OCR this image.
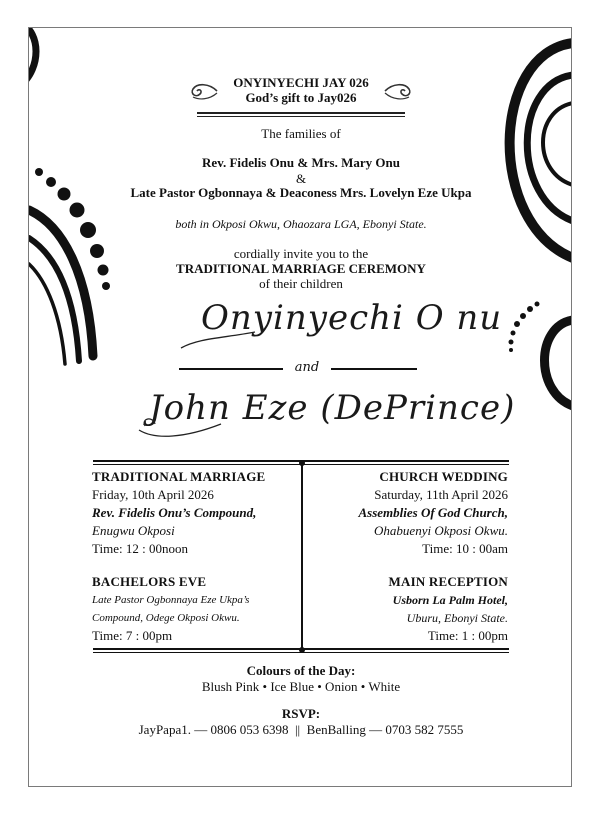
ONYINYECHI JAY 026
God’s gift to Jay026
The families of
Rev. Fidelis Onu & Mrs. Mary Onu
&
Late Pastor Ogbonnaya & Deaconess Mrs. Lovelyn Eze Ukpa
both in Okposi Okwu, Ohaozara LGA, Ebonyi State.
cordially invite you to the
TRADITIONAL MARRIAGE CEREMONY
of their children
Onyinyechi O nu
and
John Eze (DePrince)
TRADITIONAL MARRIAGE
Friday, 10th April 2026
Rev. Fidelis Onu’s Compound,
Enugwu Okposi
Time: 12 : 00noon
CHURCH WEDDING
Saturday, 11th April 2026
Assemblies Of God Church,
Ohabuenyi Okposi Okwu.
Time: 10 : 00am
BACHELORS EVE
Late Pastor Ogbonnaya Eze Ukpa’s
Compound, Odege Okposi Okwu.
Time: 7 : 00pm
MAIN RECEPTION
Usborn La Palm Hotel,
Uburu, Ebonyi State.
Time: 1 : 00pm
Colours of the Day:
Blush Pink • Ice Blue • Onion • White
RSVP:
JayPapa1. — 0806 053 6398  ||  BenBalling — 0703 582 7555
